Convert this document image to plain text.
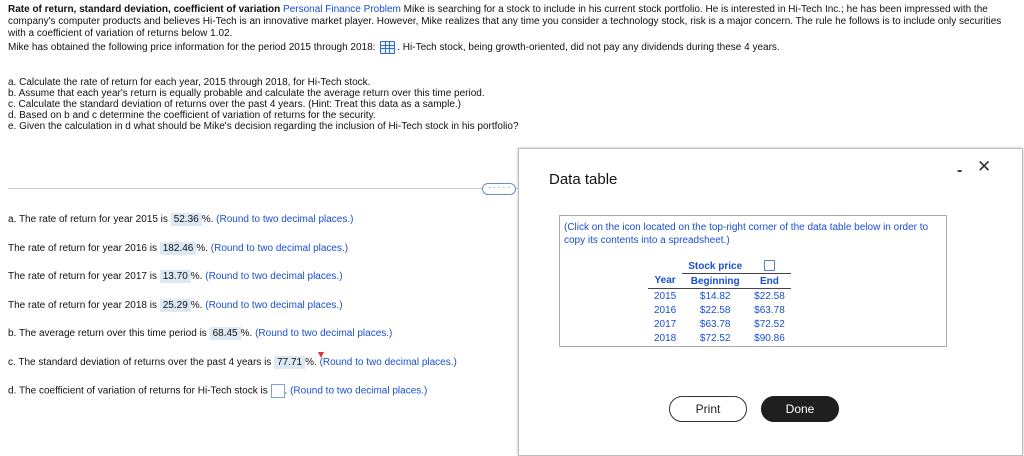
Rate of return, standard deviation, coefficient of variation Personal Finance Problem Mike is searching for a stock to include in his current stock portfolio. He is interested in Hi-Tech Inc.; he has been impressed with the company's computer products and believes Hi-Tech is an innovative market player. However, Mike realizes that any time you consider a technology stock, risk is a major concern. The rule he follows is to include only securities with a coefficient of variation of returns below 1.02.

Mike has obtained the following price information for the period 2015 through 2018: . Hi-Tech stock, being growth-oriented, did not pay any dividends during these 4 years.

a. Calculate the rate of return for each year, 2015 through 2018, for Hi-Tech stock.
b. Assume that each year's return is equally probable and calculate the average return over this time period.
c. Calculate the standard deviation of returns over the past 4 years. (Hint: Treat this data as a sample.)
d. Based on b and c determine the coefficient of variation of returns for the security.
e. Given the calculation in d what should be Mike's decision regarding the inclusion of Hi-Tech stock in his portfolio?
· · · · ·
a. The rate of return for year 2015 is 52.36 %. (Round to two decimal places.)
The rate of return for year 2016 is 182.46 %. (Round to two decimal places.)
The rate of return for year 2017 is 13.70 %. (Round to two decimal places.)
The rate of return for year 2018 is 25.29 %. (Round to two decimal places.)
b. The average return over this time period is 68.45 %. (Round to two decimal places.)
c. The standard deviation of returns over the past 4 years is 77.71 %. (Round to two decimal places.)
d. The coefficient of variation of returns for Hi-Tech stock is . (Round to two decimal places.)
Data table
- ✕
(Click on the icon located on the top-right corner of the data table below in order to copy its contents into a spreadsheet.)
	Stock price	
Year	Beginning	End
2015	$14.82	$22.58
2016	$22.58	$63.78
2017	$63.78	$72.52
2018	$72.52	$90.86
Print	Done
